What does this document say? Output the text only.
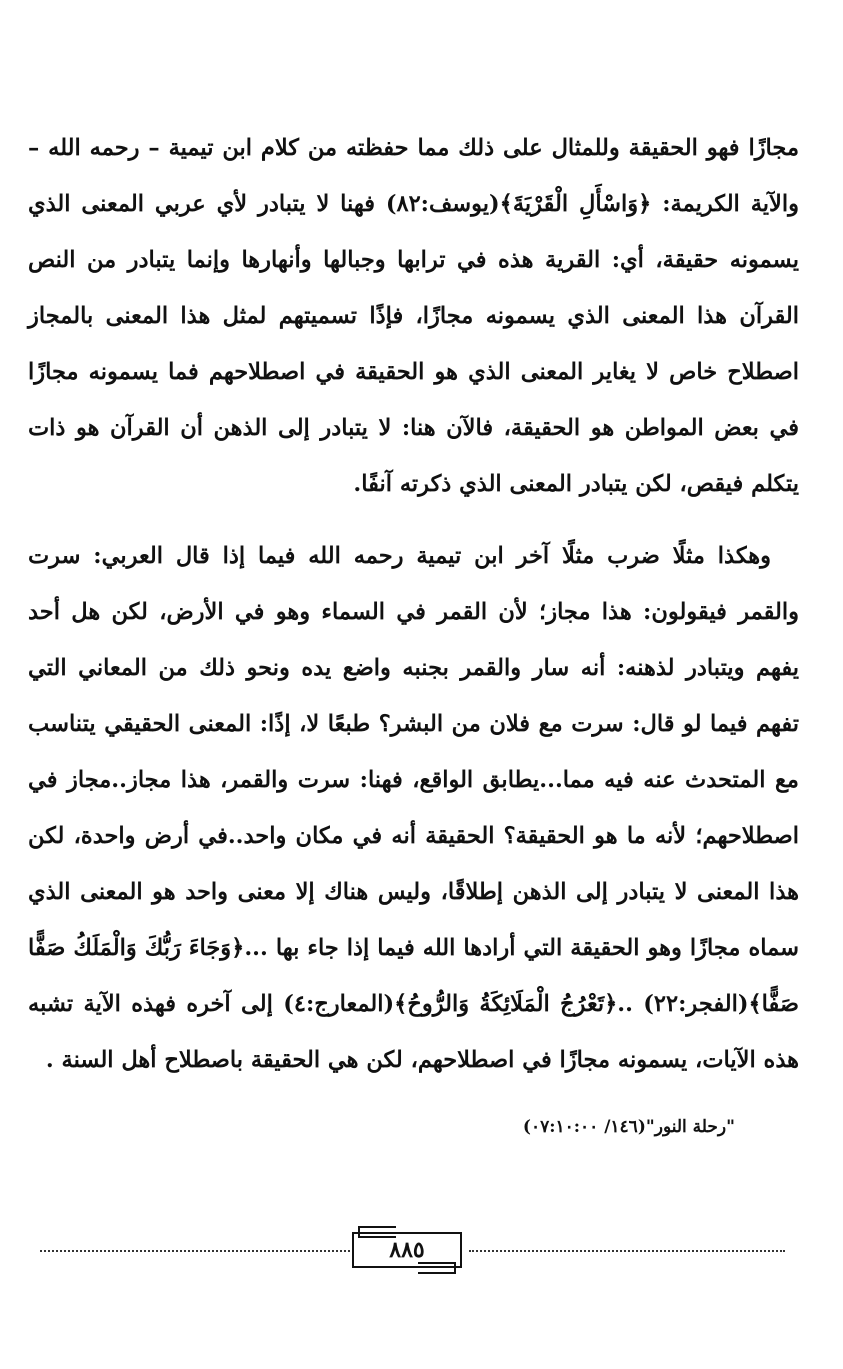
مجازًا فهو الحقيقة وللمثال على ذلك مما حفظته من كلام ابن تيمية – رحمه الله – والآية الكريمة: ﴿وَاسْأَلِ الْقَرْيَةَ﴾(يوسف:٨٢) فهنا لا يتبادر لأي عربي المعنى الذي يسمونه حقيقة، أي: القرية هذه في ترابها وجبالها وأنهارها وإنما يتبادر من النص القرآن هذا المعنى الذي يسمونه مجازًا، فإذًا تسميتهم لمثل هذا المعنى بالمجاز اصطلاح خاص لا يغاير المعنى الذي هو الحقيقة في اصطلاحهم فما يسمونه مجازًا في بعض المواطن هو الحقيقة، فالآن هنا: لا يتبادر إلى الذهن أن القرآن هو ذات يتكلم فيقص، لكن يتبادر المعنى الذي ذكرته آنفًا.

وهكذا مثلًا ضرب مثلًا آخر ابن تيمية رحمه الله فيما إذا قال العربي: سرت والقمر فيقولون: هذا مجاز؛ لأن القمر في السماء وهو في الأرض، لكن هل أحد يفهم ويتبادر لذهنه: أنه سار والقمر بجنبه واضع يده ونحو ذلك من المعاني التي تفهم فيما لو قال: سرت مع فلان من البشر؟ طبعًا لا، إذًا: المعنى الحقيقي يتناسب مع المتحدث عنه فيه مما...يطابق الواقع، فهنا: سرت والقمر، هذا مجاز..مجاز في اصطلاحهم؛ لأنه ما هو الحقيقة؟ الحقيقة أنه في مكان واحد..في أرض واحدة، لكن هذا المعنى لا يتبادر إلى الذهن إطلاقًا، وليس هناك إلا معنى واحد هو المعنى الذي سماه مجازًا وهو الحقيقة التي أرادها الله فيما إذا جاء بها ...﴿وَجَاءَ رَبُّكَ وَالْمَلَكُ صَفًّا صَفًّا﴾(الفجر:٢٢) ..﴿تَعْرُجُ الْمَلَائِكَةُ وَالرُّوحُ﴾(المعارج:٤) إلى آخره فهذه الآية تشبه هذه الآيات، يسمونه مجازًا في اصطلاحهم، لكن هي الحقيقة باصطلاح أهل السنة .

"رحلة النور"(١٤٦/ ٠٧:١٠:٠٠)
٨٨٥
